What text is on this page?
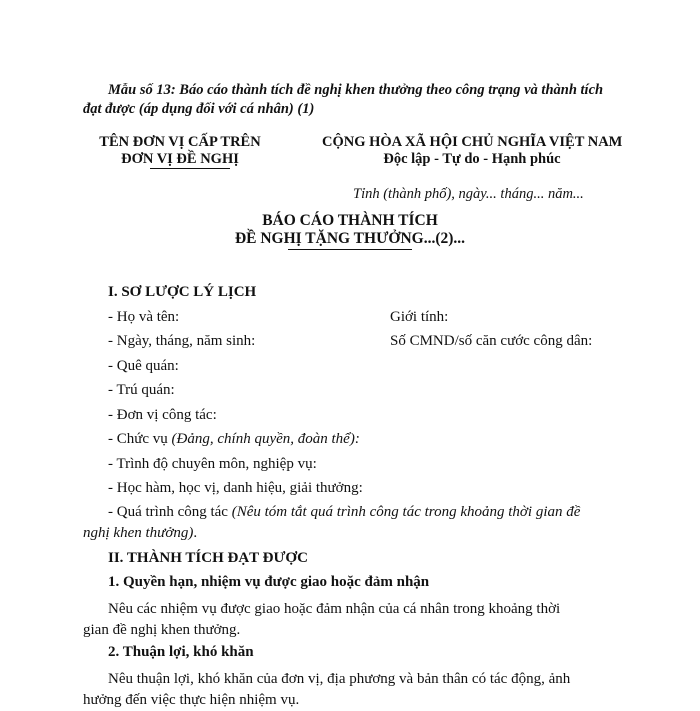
Mẫu số 13: Báo cáo thành tích đề nghị khen thưởng theo công trạng và thành tích
đạt được (áp dụng đối với cá nhân) (1)
TÊN ĐƠN VỊ CẤP TRÊN
ĐƠN VỊ ĐỀ NGHỊ
CỘNG HÒA XÃ HỘI CHỦ NGHĨA VIỆT NAM
Độc lập - Tự do - Hạnh phúc
Tỉnh (thành phố), ngày... tháng... năm...
BÁO CÁO THÀNH TÍCH
ĐỀ NGHỊ TẶNG THƯỞNG...(2)...
I. SƠ LƯỢC LÝ LỊCH
- Họ và tên:	Giới tính:
- Ngày, tháng, năm sinh:	Số CMND/số căn cước công dân:
- Quê quán:
- Trú quán:
- Đơn vị công tác:
- Chức vụ (Đảng, chính quyền, đoàn thể):
- Trình độ chuyên môn, nghiệp vụ:
- Học hàm, học vị, danh hiệu, giải thưởng:
- Quá trình công tác (Nêu tóm tắt quá trình công tác trong khoảng thời gian đề
nghị khen thưởng).
II. THÀNH TÍCH ĐẠT ĐƯỢC
1. Quyền hạn, nhiệm vụ được giao hoặc đảm nhận
Nêu các nhiệm vụ được giao hoặc đảm nhận của cá nhân trong khoảng thời
gian đề nghị khen thưởng.
2. Thuận lợi, khó khăn
Nêu thuận lợi, khó khăn của đơn vị, địa phương và bản thân có tác động, ảnh
hưởng đến việc thực hiện nhiệm vụ.
